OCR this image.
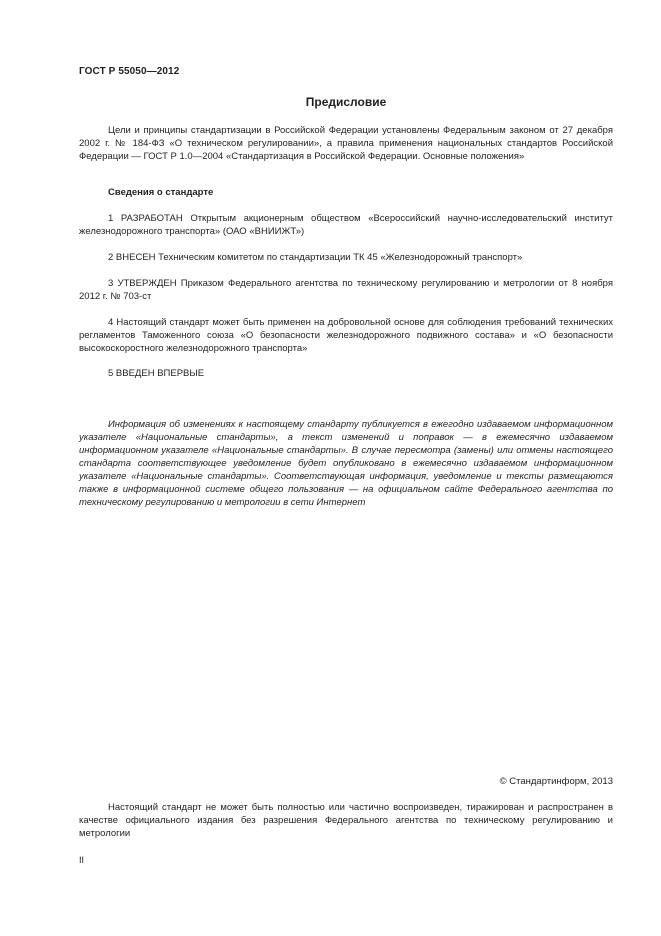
ГОСТ Р 55050—2012
Предисловие

Цели и принципы стандартизации в Российской Федерации установлены Федеральным законом от 27 декабря 2002 г. № 184-ФЗ «О техническом регулировании», а правила применения национальных стандартов Российской Федерации — ГОСТ Р 1.0—2004 «Стандартизация в Российской Федерации. Основные положения»

Сведения о стандарте

1 РАЗРАБОТАН Открытым акционерным обществом «Всероссийский научно-исследовательский институт железнодорожного транспорта» (ОАО «ВНИИЖТ»)

2 ВНЕСЕН Техническим комитетом по стандартизации ТК 45 «Железнодорожный транспорт»

3 УТВЕРЖДЕН Приказом Федерального агентства по техническому регулированию и метрологии от 8 ноября 2012 г. № 703-ст

4 Настоящий стандарт может быть применен на добровольной основе для соблюдения требований технических регламентов Таможенного союза «О безопасности железнодорожного подвижного состава» и «О безопасности высокоскоростного железнодорожного транспорта»

5 ВВЕДЕН ВПЕРВЫЕ

Информация об изменениях к настоящему стандарту публикуется в ежегодно издаваемом информационном указателе «Национальные стандарты», а текст изменений и поправок — в ежемесячно издаваемом информационном указателе «Национальные стандарты». В случае пересмотра (замены) или отмены настоящего стандарта соответствующее уведомление будет опубликовано в ежемесячно издаваемом информационном указателе «Национальные стандарты». Соответствующая информация, уведомление и тексты размещаются также в информационной системе общего пользования — на официальном сайте Федерального агентства по техническому регулированию и метрологии в сети Интернет

© Стандартинформ, 2013

Настоящий стандарт не может быть полностью или частично воспроизведен, тиражирован и распространен в качестве официального издания без разрешения Федерального агентства по техническому регулированию и метрологии

II
